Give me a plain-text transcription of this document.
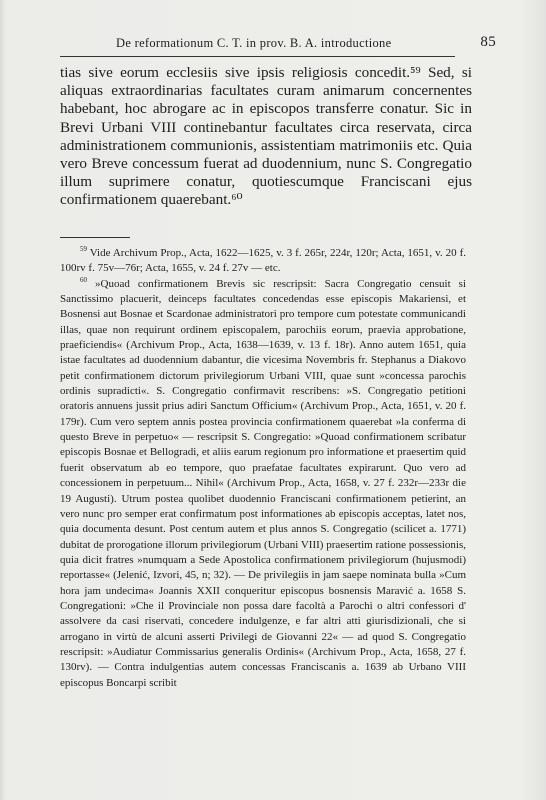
De reformationum C. T. in prov. B. A. introductione	85

tias sive eorum ecclesiis sive ipsis religiosis concedit.⁵⁹ Sed, si aliquas extraordinarias facultates curam animarum concernentes habebant, hoc abrogare ac in episcopos transferre conatur. Sic in Brevi Urbani VIII continebantur facultates circa reservata, circa administrationem communionis, assistentiam matrimoniis etc. Quia vero Breve concessum fuerat ad duodennium, nunc S. Congregatio illum suprimere conatur, quotiescumque Franciscani ejus confirmationem quaerebant.⁶⁰

$^{59}$ Vide Archivum Prop., Acta, 1622—1625, v. 3 f. 265r, 224r, 120r; Acta, 1651, v. 20 f. 100rv f. 75v—76r; Acta, 1655, v. 24 f. 27v — etc.

$^{60}$ »Quoad confirmationem Brevis sic rescripsit: Sacra Congregatio censuit si Sanctissimo placuerit, deinceps facultates concedendas esse episcopis Makariensi, et Bosnensi aut Bosnae et Scardonae administratori pro tempore cum potestate communicandi illas, quae non requirunt ordinem episcopalem, parochiis eorum, praevia approbatione, praeficiendis« (Archivum Prop., Acta, 1638—1639, v. 13 f. 18r). Anno autem 1651, quia istae facultates ad duodennium dabantur, die vicesima Novembris fr. Stephanus a Diakovo petit confirmationem dictorum privilegiorum Urbani VIII, quae sunt »concessa parochis ordinis supradicti«. S. Congregatio confirmavit rescribens: »S. Congregatio petitioni oratoris annuens jussit prius adiri Sanctum Officium« (Archivum Prop., Acta, 1651, v. 20 f. 179r). Cum vero septem annis postea provincia confirmationem quaerebat »la conferma di questo Breve in perpetuo« — rescripsit S. Congregatio: »Quoad confirmationem scribatur episcopis Bosnae et Bellogradi, et aliis earum regionum pro informatione et praesertim quid fuerit observatum ab eo tempore, quo praefatae facultates expirarunt. Quo vero ad concessionem in perpetuum... Nihil« (Archivum Prop., Acta, 1658, v. 27 f. 232r—233r die 19 Augusti). Utrum postea quolibet duodennio Franciscani confirmationem petierint, an vero nunc pro semper erat confirmatum post informationes ab episcopis acceptas, latet nos, quia documenta desunt. Post centum autem et plus annos S. Congregatio (scilicet a. 1771) dubitat de prorogatione illorum privilegiorum (Urbani VIII) praesertim ratione possessionis, quia dicit fratres »numquam a Sede Apostolica confirmationem privilegiorum (hujusmodi) reportasse« (Jelenić, Izvori, 45, n; 32). — De privilegiis in jam saepe nominata bulla »Cum hora jam undecima« Joannis XXII conqueritur episcopus bosnensis Maravić a. 1658 S. Congregationi: »Che il Provinciale non possa dare facoltà a Parochi o altri confessori d' assolvere da casi riservati, concedere indulgenze, e far altri atti giurisdizionali, che si arrogano in virtù de alcuni asserti Privilegi de Giovanni 22« — ad quod S. Congregatio rescripsit: »Audiatur Commissarius generalis Ordinis« (Archivum Prop., Acta, 1658, 27 f. 130rv). — Contra indulgentias autem concessas Franciscanis a. 1639 ab Urbano VIII episcopus Boncarpi scribit
